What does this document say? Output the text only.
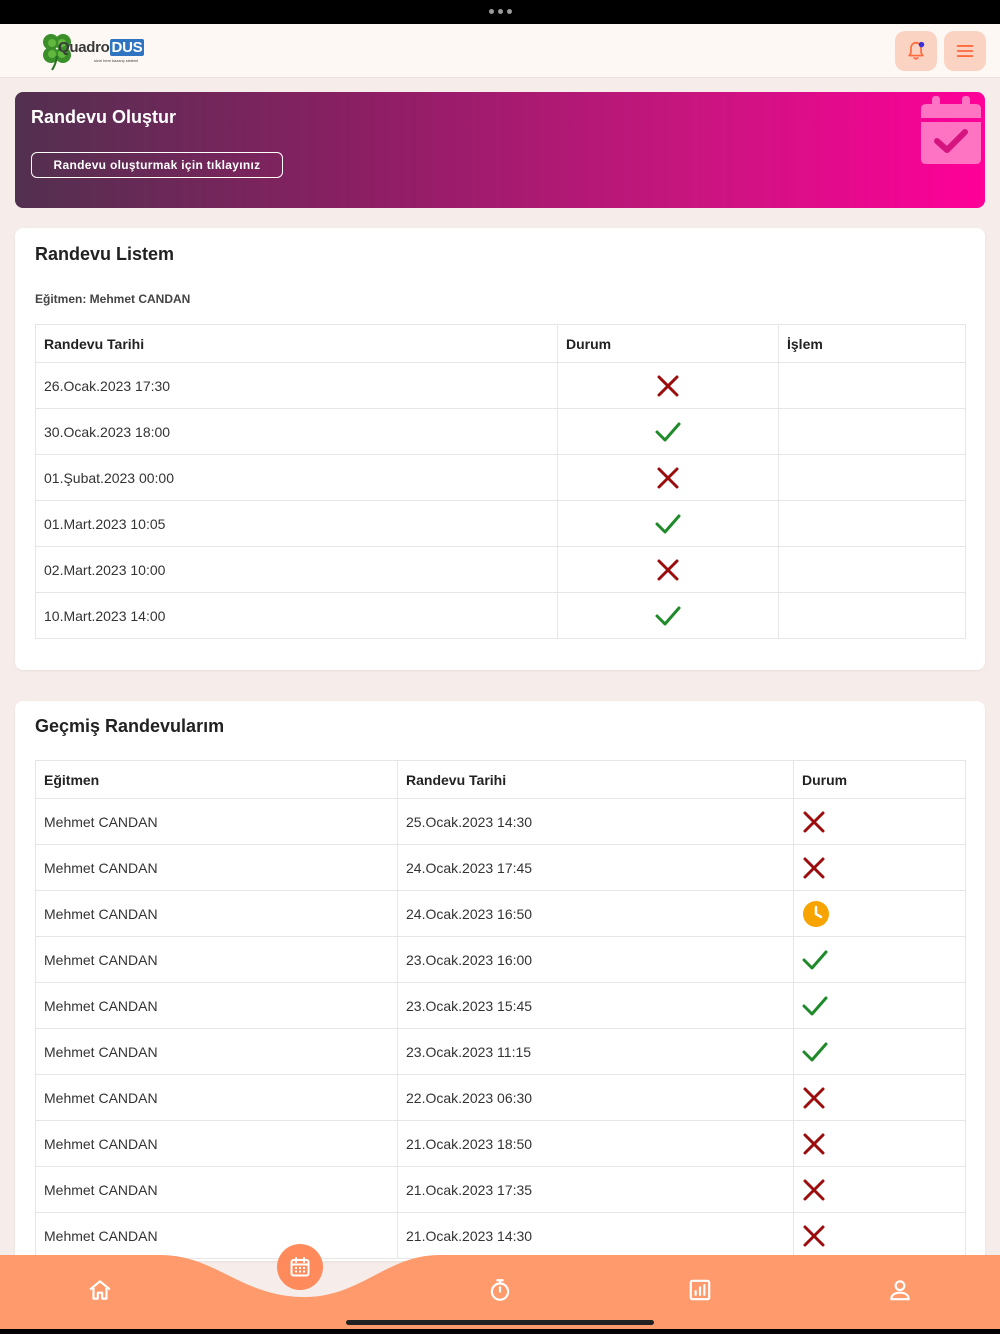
Quadro DUS
sizin hem kazanç sistemi
Randevu Oluştur
Randevu oluşturmak için tıklayınız
Randevu Listem
Eğitmen: Mehmet CANDAN
Randevu Tarihi	Durum	İşlem
26.Ocak.2023 17:30		
30.Ocak.2023 18:00		
01.Şubat.2023 00:00		
01.Mart.2023 10:05		
02.Mart.2023 10:00		
10.Mart.2023 14:00		
Geçmiş Randevularım
Eğitmen	Randevu Tarihi	Durum
Mehmet CANDAN	25.Ocak.2023 14:30	
Mehmet CANDAN	24.Ocak.2023 17:45	
Mehmet CANDAN	24.Ocak.2023 16:50	
Mehmet CANDAN	23.Ocak.2023 16:00	
Mehmet CANDAN	23.Ocak.2023 15:45	
Mehmet CANDAN	23.Ocak.2023 11:15	
Mehmet CANDAN	22.Ocak.2023 06:30	
Mehmet CANDAN	21.Ocak.2023 18:50	
Mehmet CANDAN	21.Ocak.2023 17:35	
Mehmet CANDAN	21.Ocak.2023 14:30	
